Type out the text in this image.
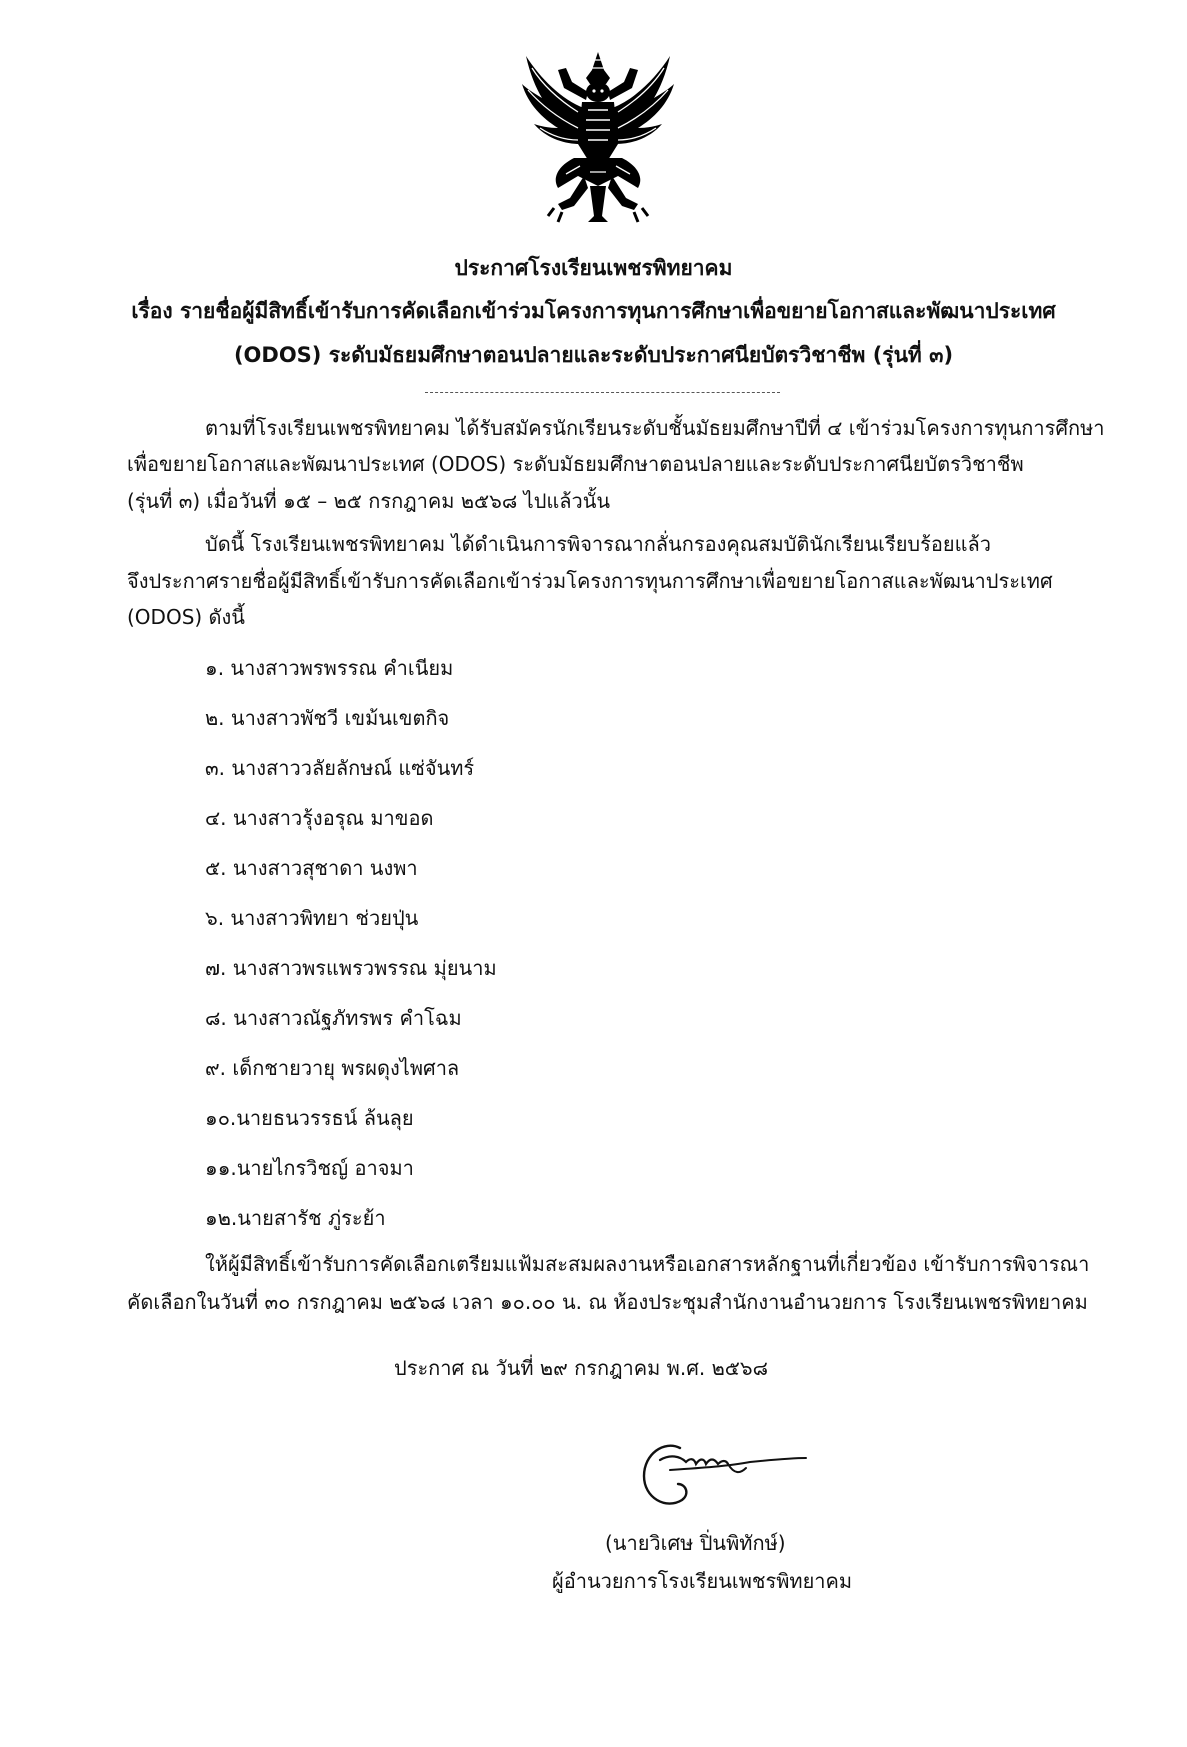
ประกาศโรงเรียนเพชรพิทยาคม
เรื่อง รายชื่อผู้มีสิทธิ์เข้ารับการคัดเลือกเข้าร่วมโครงการทุนการศึกษาเพื่อขยายโอกาสและพัฒนาประเทศ
(ODOS) ระดับมัธยมศึกษาตอนปลายและระดับประกาศนียบัตรวิชาชีพ (รุ่นที่ ๓)
ตามที่โรงเรียนเพชรพิทยาคม ได้รับสมัครนักเรียนระดับชั้นมัธยมศึกษาปีที่ ๔ เข้าร่วมโครงการทุนการศึกษา
เพื่อขยายโอกาสและพัฒนาประเทศ (ODOS) ระดับมัธยมศึกษาตอนปลายและระดับประกาศนียบัตรวิชาชีพ
(รุ่นที่ ๓) เมื่อวันที่ ๑๕ – ๒๕ กรกฎาคม ๒๕๖๘ ไปแล้วนั้น
บัดนี้ โรงเรียนเพชรพิทยาคม ได้ดำเนินการพิจารณากลั่นกรองคุณสมบัตินักเรียนเรียบร้อยแล้ว
จึงประกาศรายชื่อผู้มีสิทธิ์เข้ารับการคัดเลือกเข้าร่วมโครงการทุนการศึกษาเพื่อขยายโอกาสและพัฒนาประเทศ
(ODOS) ดังนี้
๑. นางสาวพรพรรณ คำเนียม
๒. นางสาวพัชวี เขม้นเขตกิจ
๓. นางสาววลัยลักษณ์ แซ่จันทร์
๔. นางสาวรุ้งอรุณ มาขอด
๕. นางสาวสุชาดา นงพา
๖. นางสาวพิทยา ช่วยปุ่น
๗. นางสาวพรแพรวพรรณ มุ่ยนาม
๘. นางสาวณัฐภัทรพร คำโฉม
๙. เด็กชายวายุ พรผดุงไพศาล
๑๐.นายธนวรรธน์ ล้นลุย
๑๑.นายไกรวิชญ์ อาจมา
๑๒.นายสารัช ภู่ระย้า
ให้ผู้มีสิทธิ์เข้ารับการคัดเลือกเตรียมแฟ้มสะสมผลงานหรือเอกสารหลักฐานที่เกี่ยวข้อง เข้ารับการพิจารณา
คัดเลือกในวันที่ ๓๐ กรกฎาคม ๒๕๖๘ เวลา ๑๐.๐๐ น. ณ ห้องประชุมสำนักงานอำนวยการ โรงเรียนเพชรพิทยาคม
ประกาศ ณ วันที่ ๒๙ กรกฎาคม พ.ศ. ๒๕๖๘
(นายวิเศษ ปิ่นพิทักษ์)
ผู้อำนวยการโรงเรียนเพชรพิทยาคม
